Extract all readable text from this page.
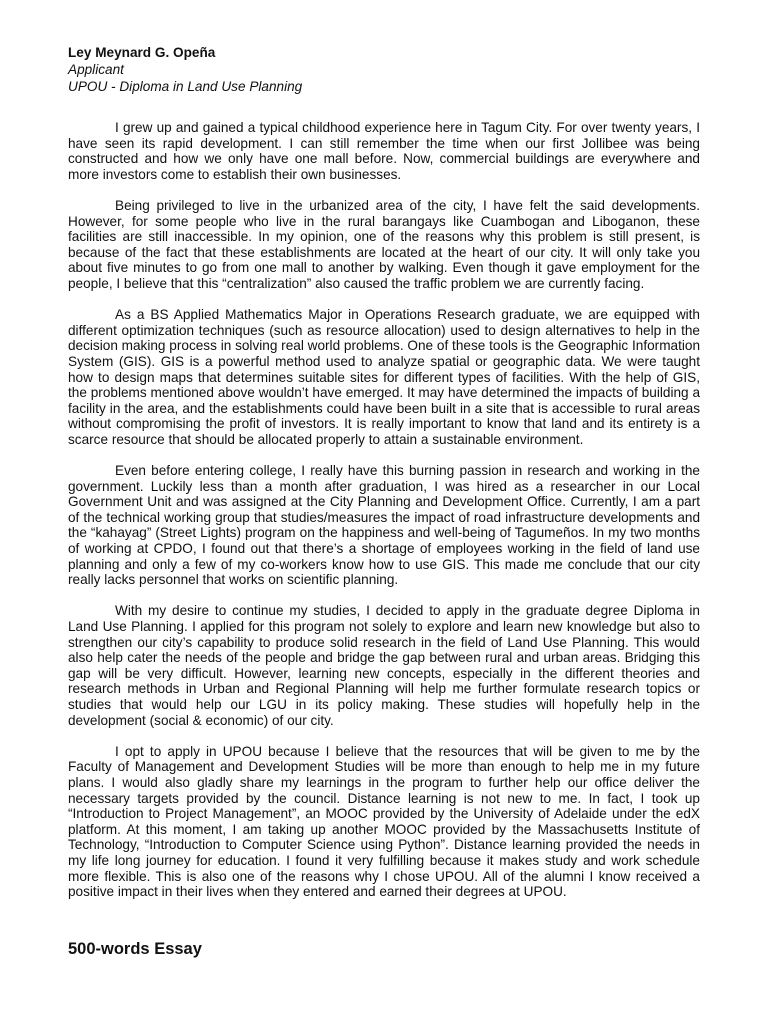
Ley Meynard G. Opeña
Applicant
UPOU - Diploma in Land Use Planning

I grew up and gained a typical childhood experience here in Tagum City. For over twenty years, I have seen its rapid development. I can still remember the time when our first Jollibee was being constructed and how we only have one mall before. Now, commercial buildings are everywhere and more investors come to establish their own businesses.

Being privileged to live in the urbanized area of the city, I have felt the said developments. However, for some people who live in the rural barangays like Cuambogan and Liboganon, these facilities are still inaccessible. In my opinion, one of the reasons why this problem is still present, is because of the fact that these establishments are located at the heart of our city. It will only take you about five minutes to go from one mall to another by walking. Even though it gave employment for the people, I believe that this “centralization” also caused the traffic problem we are currently facing.

As a BS Applied Mathematics Major in Operations Research graduate, we are equipped with different optimization techniques (such as resource allocation) used to design alternatives to help in the decision making process in solving real world problems. One of these tools is the Geographic Information System (GIS). GIS is a powerful method used to analyze spatial or geographic data. We were taught how to design maps that determines suitable sites for different types of facilities. With the help of GIS, the problems mentioned above wouldn’t have emerged. It may have determined the impacts of building a facility in the area, and the establishments could have been built in a site that is accessible to rural areas without compromising the profit of investors. It is really important to know that land and its entirety is a scarce resource that should be allocated properly to attain a sustainable environment.

Even before entering college, I really have this burning passion in research and working in the government. Luckily less than a month after graduation, I was hired as a researcher in our Local Government Unit and was assigned at the City Planning and Development Office. Currently, I am a part of the technical working group that studies/measures the impact of road infrastructure developments and the “kahayag” (Street Lights) program on the happiness and well-being of Tagumeños. In my two months of working at CPDO, I found out that there’s a shortage of employees working in the field of land use planning and only a few of my co-workers know how to use GIS. This made me conclude that our city really lacks personnel that works on scientific planning.

With my desire to continue my studies, I decided to apply in the graduate degree Diploma in Land Use Planning. I applied for this program not solely to explore and learn new knowledge but also to strengthen our city’s capability to produce solid research in the field of Land Use Planning. This would also help cater the needs of the people and bridge the gap between rural and urban areas. Bridging this gap will be very difficult. However, learning new concepts, especially in the different theories and research methods in Urban and Regional Planning will help me further formulate research topics or studies that would help our LGU in its policy making. These studies will hopefully help in the development (social & economic) of our city.

I opt to apply in UPOU because I believe that the resources that will be given to me by the Faculty of Management and Development Studies will be more than enough to help me in my future plans. I would also gladly share my learnings in the program to further help our office deliver the necessary targets provided by the council. Distance learning is not new to me. In fact, I took up “Introduction to Project Management”, an MOOC provided by the University of Adelaide under the edX platform. At this moment, I am taking up another MOOC provided by the Massachusetts Institute of Technology, “Introduction to Computer Science using Python”. Distance learning provided the needs in my life long journey for education. I found it very fulfilling because it makes study and work schedule more flexible. This is also one of the reasons why I chose UPOU. All of the alumni I know received a positive impact in their lives when they entered and earned their degrees at UPOU.

500-words Essay
